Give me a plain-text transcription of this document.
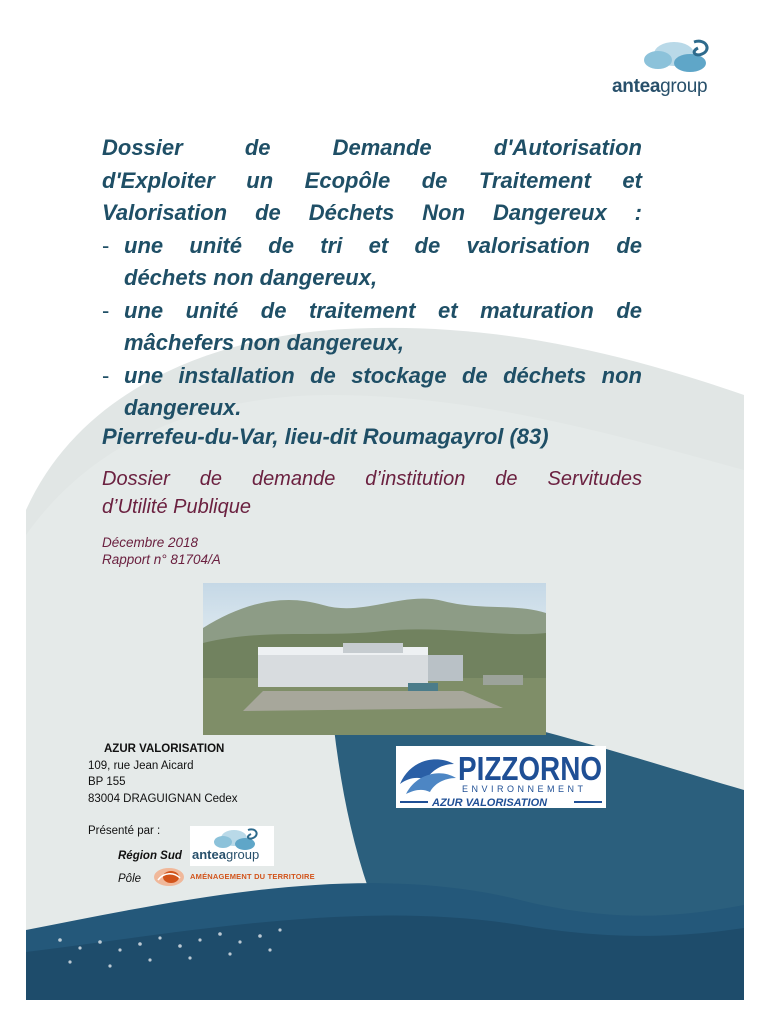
anteagroup
Dossier de Demande d'Autorisation
d'Exploiter un Ecopôle de Traitement et
Valorisation de Déchets Non Dangereux :
- une unité de tri et de valorisation de
déchets non dangereux,
- une unité de traitement et maturation de
mâchefers non dangereux,
- une installation de stockage de déchets non
dangereux.
Pierrefeu-du-Var, lieu-dit Roumagayrol (83)
Dossier de demande d’institution de Servitudes
d’Utilité Publique
Décembre 2018
Rapport n° 81704/A
AZUR VALORISATION
109, rue Jean Aicard
BP 155
83004 DRAGUIGNAN Cedex
PIZZORNO
ENVIRONNEMENT
AZUR VALORISATION
Présenté par :
Région Sud
Pôle
anteagroup
AMÉNAGEMENT DU TERRITOIRE
